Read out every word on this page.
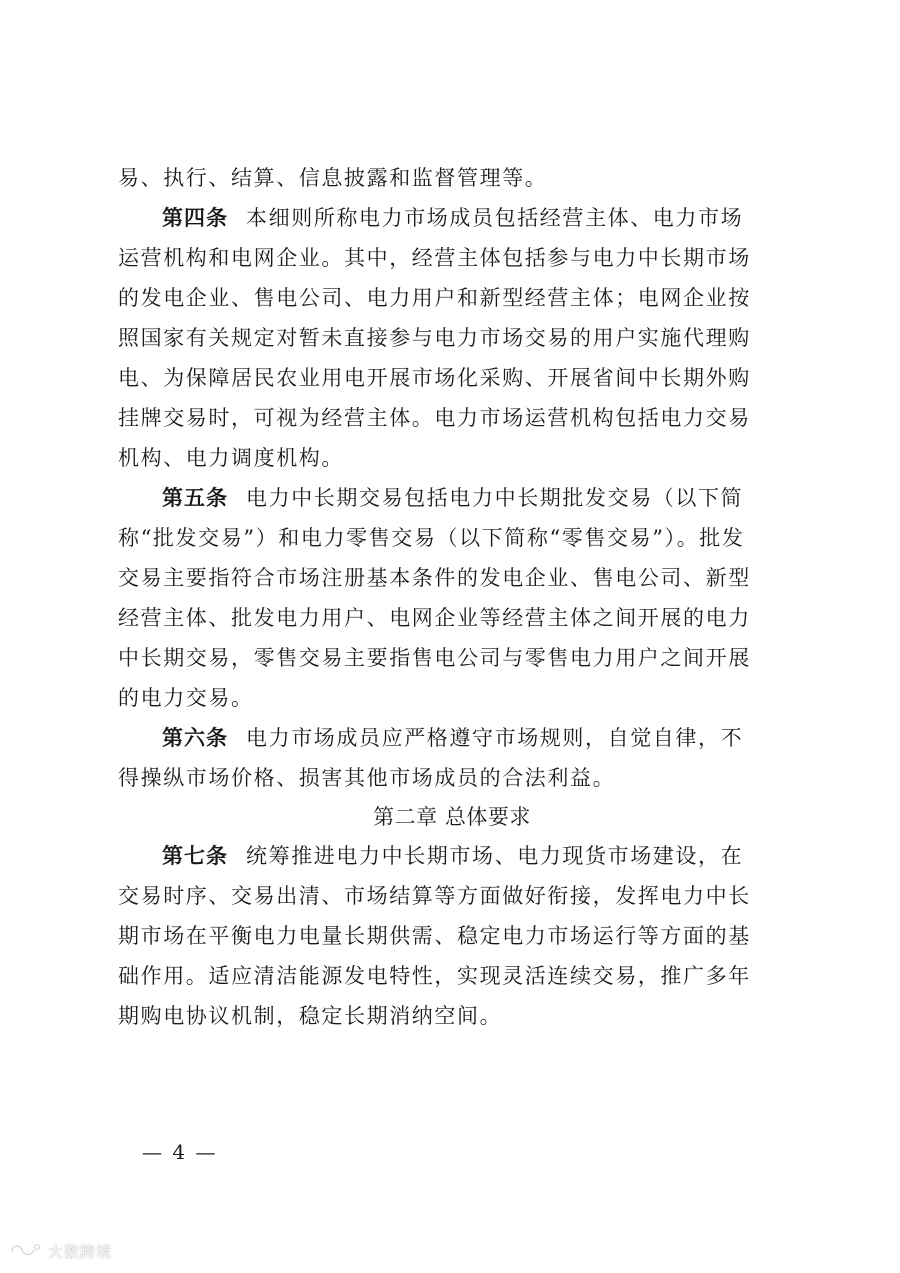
易、执行、结算、信息披露和监督管理等。
第四条 本细则所称电力市场成员包括经营主体、电力市场
运营机构和电网企业。其中，经营主体包括参与电力中长期市场
的发电企业、售电公司、电力用户和新型经营主体；电网企业按
照国家有关规定对暂未直接参与电力市场交易的用户实施代理购
电、为保障居民农业用电开展市场化采购、开展省间中长期外购
挂牌交易时，可视为经营主体。电力市场运营机构包括电力交易
机构、电力调度机构。
第五条 电力中长期交易包括电力中长期批发交易（以下简
称“批发交易”）和电力零售交易（以下简称“零售交易”）。批发
交易主要指符合市场注册基本条件的发电企业、售电公司、新型
经营主体、批发电力用户、电网企业等经营主体之间开展的电力
中长期交易，零售交易主要指售电公司与零售电力用户之间开展
的电力交易。
第六条 电力市场成员应严格遵守市场规则，自觉自律，不
得操纵市场价格、损害其他市场成员的合法利益。
第二章 总体要求
第七条 统筹推进电力中长期市场、电力现货市场建设，在
交易时序、交易出清、市场结算等方面做好衔接，发挥电力中长
期市场在平衡电力电量长期供需、稳定电力市场运行等方面的基
础作用。适应清洁能源发电特性，实现灵活连续交易，推广多年
期购电协议机制，稳定长期消纳空间。
— 4 —
大数跨境
